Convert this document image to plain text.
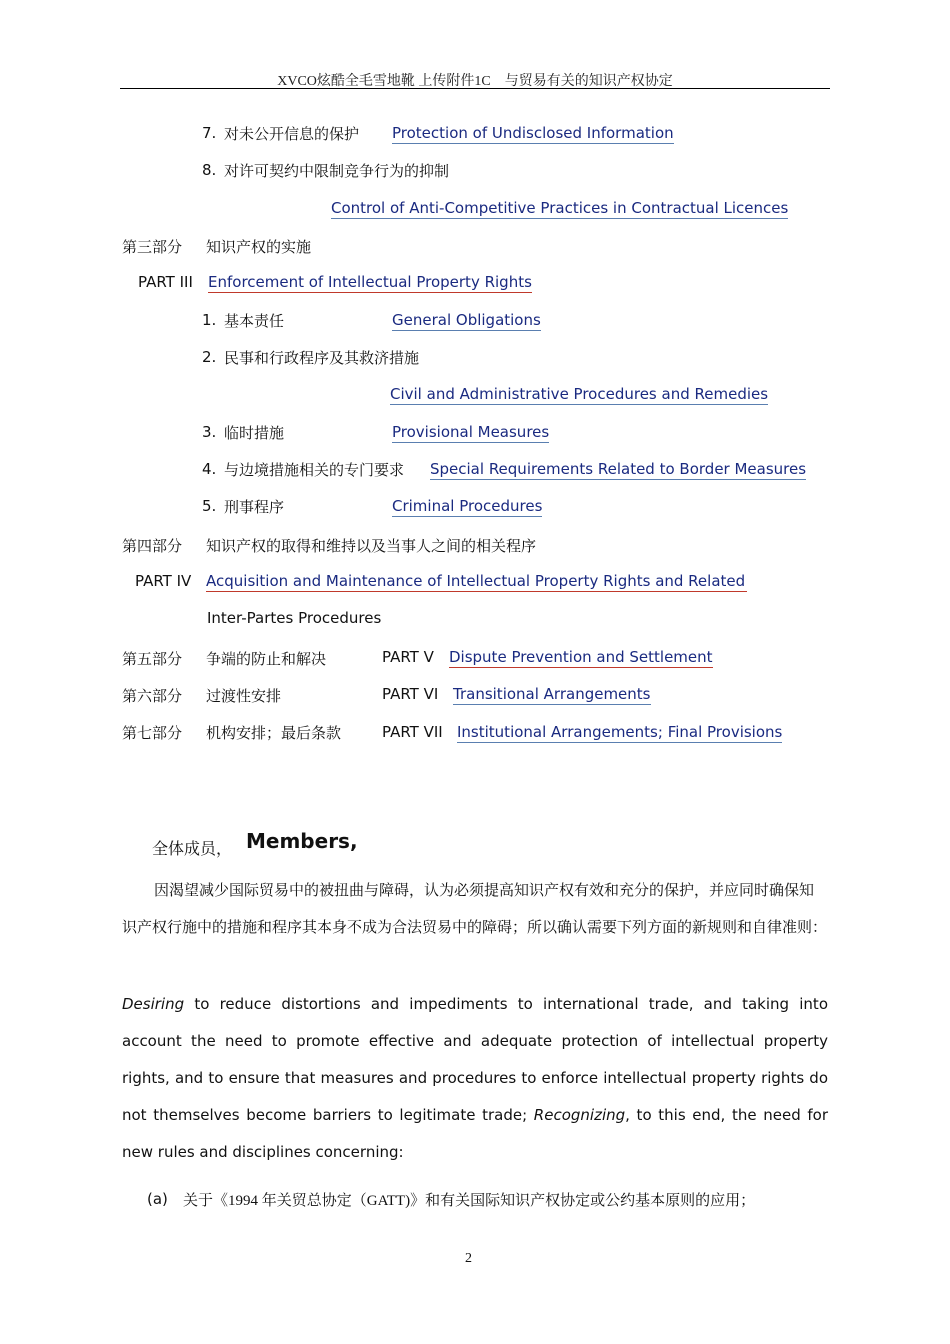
XVCO炫酷全毛雪地靴 上传附件1C　与贸易有关的知识产权协定
7. 对未公开信息的保护 Protection of Undisclosed Information
8. 对许可契约中限制竞争行为的抑制
Control of Anti-Competitive Practices in Contractual Licences
第三部分 知识产权的实施
PART III Enforcement of Intellectual Property Rights
1. 基本责任	General Obligations
2. 民事和行政程序及其救济措施
Civil and Administrative Procedures and Remedies
3. 临时措施	Provisional Measures
4. 与边境措施相关的专门要求 Special Requirements Related to Border Measures
5. 刑事程序	Criminal Procedures
第四部分 知识产权的取得和维持以及当事人之间的相关程序
PART IV Acquisition and Maintenance of Intellectual Property Rights and Related
Inter-Partes Procedures
第五部分 争端的防止和解决	PART V Dispute Prevention and Settlement
第六部分 过渡性安排	PART VI Transitional Arrangements
第七部分 机构安排；最后条款	PART VII Institutional Arrangements; Final Provisions
全体成员， Members,
因渴望减少国际贸易中的被扭曲与障碍，认为必须提高知识产权有效和充分的保护，并应同时确保知识产权行施中的措施和程序其本身不成为合法贸易中的障碍；所以确认需要下列方面的新规则和自律准则：
Desiring to reduce distortions and impediments to international trade, and taking into account the need to promote effective and adequate protection of intellectual property rights, and to ensure that measures and procedures to enforce intellectual property rights do not themselves become barriers to legitimate trade; Recognizing, to this end, the need for new rules and disciplines concerning:
(a) 关于《1994 年关贸总协定（GATT)》和有关国际知识产权协定或公约基本原则的应用；
2
